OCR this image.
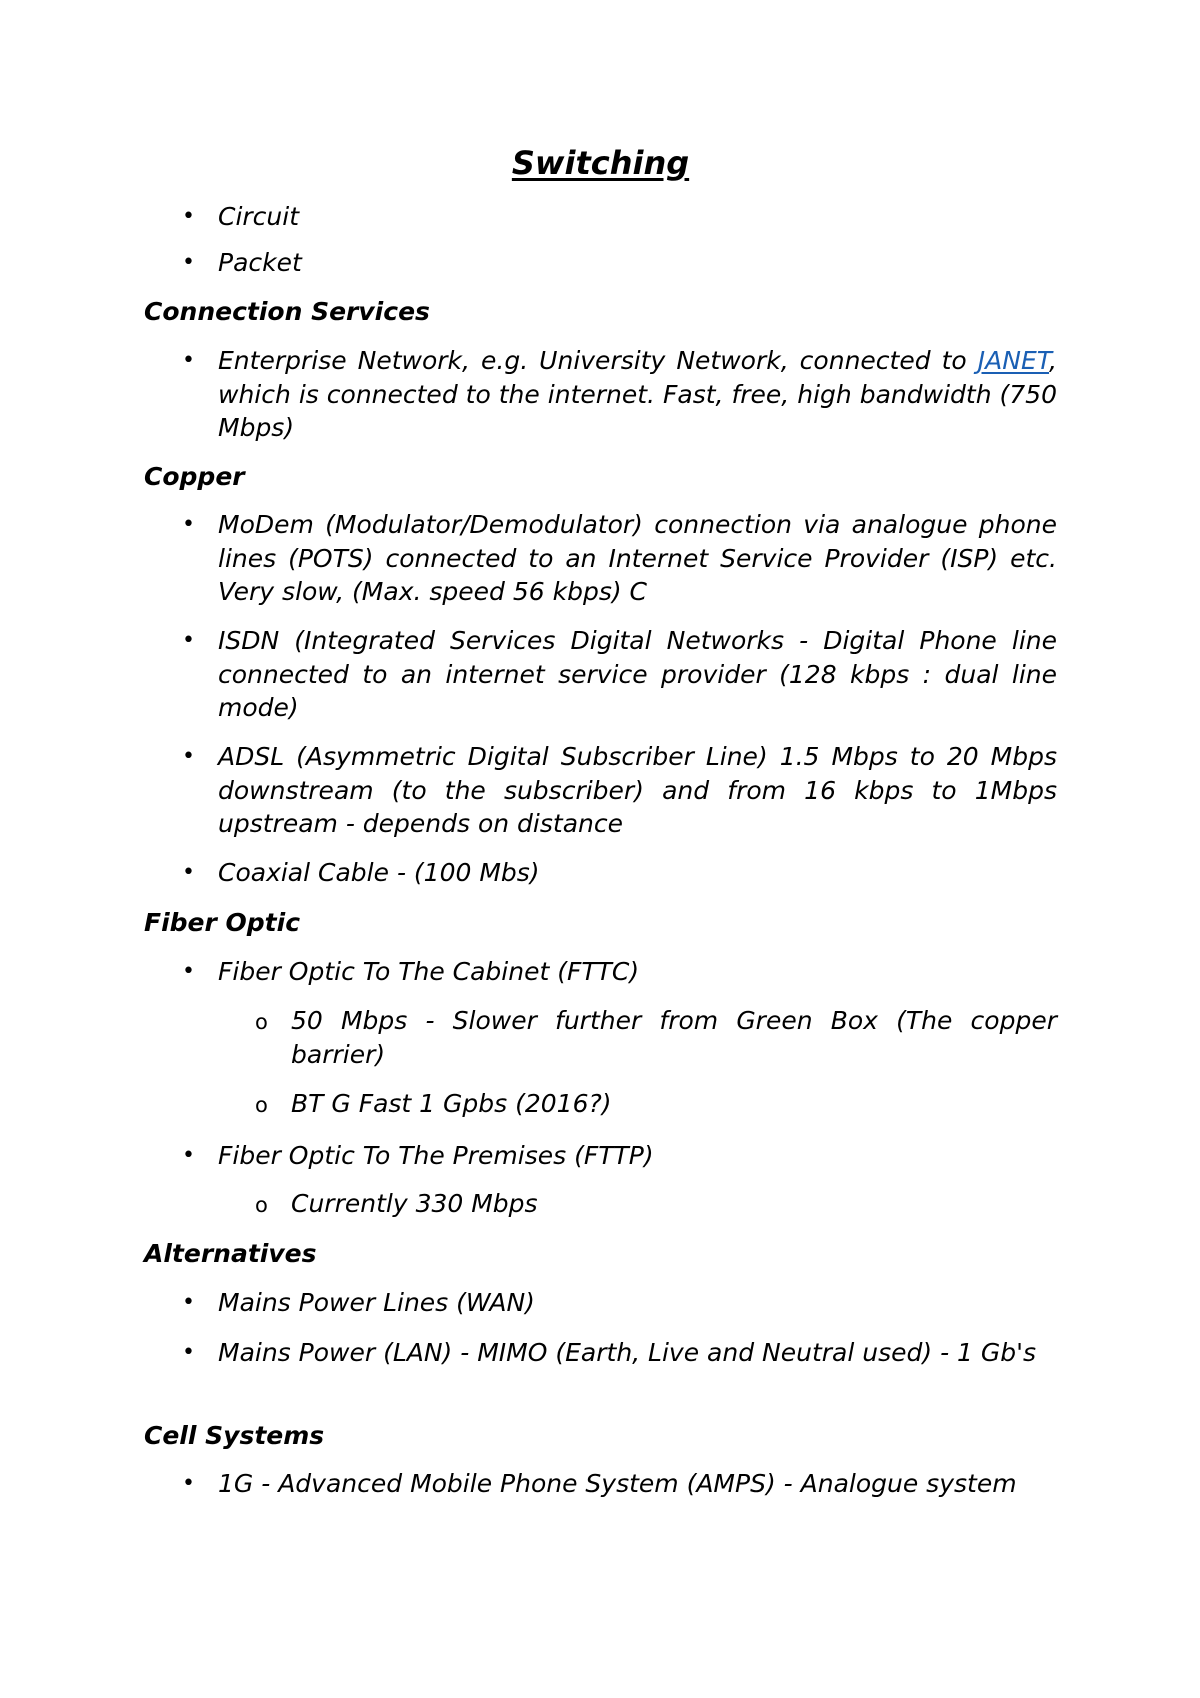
Switching
• Circuit
• Packet
Connection Services
• Enterprise Network, e.g. University Network, connected to JANET, which is connected to the internet. Fast, free, high bandwidth (750 Mbps)
Copper
• MoDem (Modulator/Demodulator) connection via analogue phone lines (POTS) connected to an Internet Service Provider (ISP) etc. Very slow, (Max. speed 56 kbps) C
• ISDN (Integrated Services Digital Networks - Digital Phone line connected to an internet service provider (128 kbps : dual line mode)
• ADSL (Asymmetric Digital Subscriber Line) 1.5 Mbps to 20 Mbps downstream (to the subscriber) and from 16 kbps to 1Mbps upstream - depends on distance
• Coaxial Cable - (100 Mbs)
Fiber Optic
• Fiber Optic To The Cabinet (FTTC)
o 50 Mbps - Slower further from Green Box (The copper barrier)
o BT G Fast 1 Gpbs (2016?)
• Fiber Optic To The Premises (FTTP)
o Currently 330 Mbps
Alternatives
• Mains Power Lines (WAN)
• Mains Power (LAN) - MIMO (Earth, Live and Neutral used) - 1 Gb's
Cell Systems
• 1G - Advanced Mobile Phone System (AMPS) - Analogue system
